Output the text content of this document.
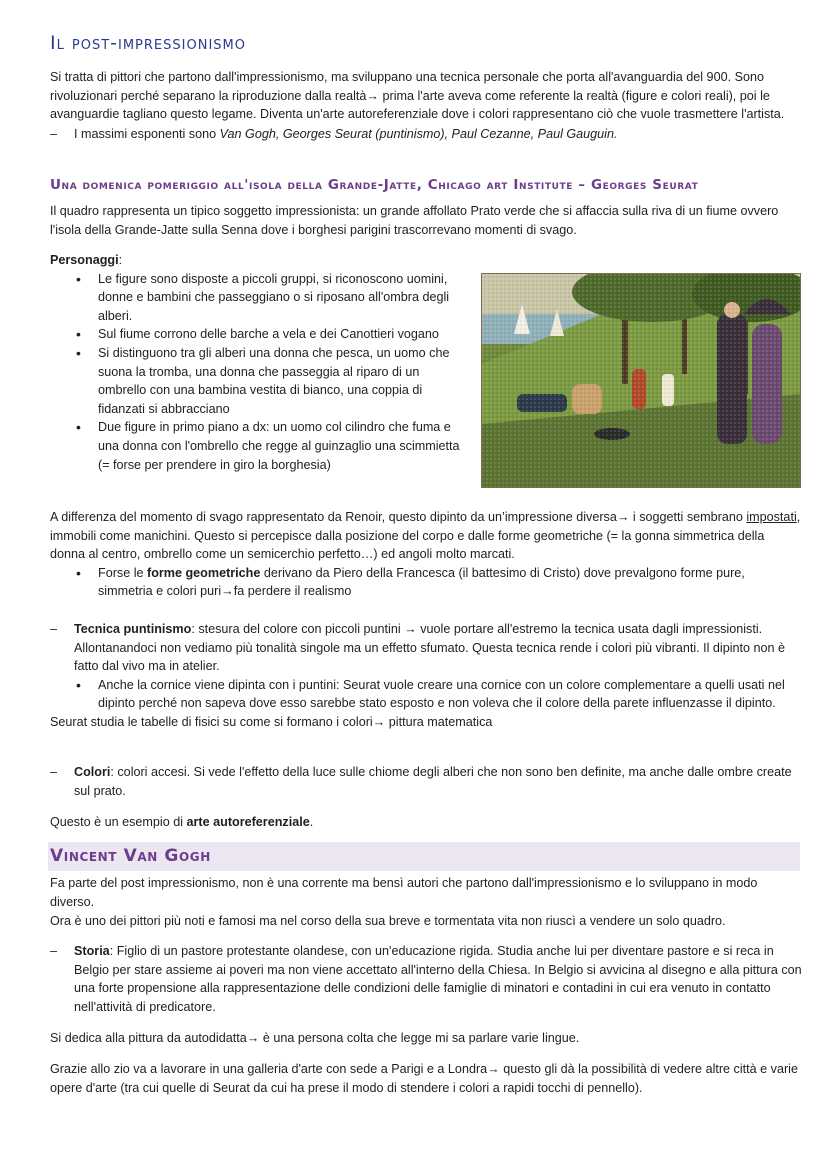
Il post-impressionismo

Si tratta di pittori che partono dall'impressionismo, ma sviluppano una tecnica personale che porta all'avanguardia del 900. Sono rivoluzionari perché separano la riproduzione dalla realtà→ prima l'arte aveva come referente la realtà (figure e colori reali), poi le avanguardie tagliano questo legame. Diventa un'arte autoreferenziale dove i colori rappresentano ciò che vuole trasmettere l'artista.

– I massimi esponenti sono Van Gogh, Georges Seurat (puntinismo), Paul Cezanne, Paul Gauguin.

Una domenica pomeriggio all'isola della Grande-Jatte, Chicago art Institute – Georges Seurat

Il quadro rappresenta un tipico soggetto impressionista: un grande affollato Prato verde che si affaccia sulla riva di un fiume ovvero l'isola della Grande-Jatte sulla Senna dove i borghesi parigini trascorrevano momenti di svago.

Personaggi:

• Le figure sono disposte a piccoli gruppi, si riconoscono uomini, donne e bambini che passeggiano o si riposano all'ombra degli alberi.

• Sul fiume corrono delle barche a vela e dei Canottieri vogano

• Si distinguono tra gli alberi una donna che pesca, un uomo che suona la tromba, una donna che passeggia al riparo di un ombrello con una bambina vestita di bianco, una coppia di fidanzati si abbracciano

• Due figure in primo piano a dx: un uomo col cilindro che fuma e una donna con l'ombrello che regge al guinzaglio una scimmietta (= forse per prendere in giro la borghesia)

A differenza del momento di svago rappresentato da Renoir, questo dipinto da un’impressione diversa→ i soggetti sembrano impostati, immobili come manichini. Questo si percepisce dalla posizione del corpo e dalle forme geometriche (= la gonna simmetrica della donna al centro, ombrello come un semicerchio perfetto…) ed angoli molto marcati.

• Forse le forme geometriche derivano da Piero della Francesca (il battesimo di Cristo) dove prevalgono forme pure, simmetria e colori puri→fa perdere il realismo

– Tecnica puntinismo: stesura del colore con piccoli puntini → vuole portare all'estremo la tecnica usata dagli impressionisti. Allontanandoci non vediamo più tonalità singole ma un effetto sfumato. Questa tecnica rende i colori più vibranti. Il dipinto non è fatto dal vivo ma in atelier.

• Anche la cornice viene dipinta con i puntini: Seurat vuole creare una cornice con un colore complementare a quelli usati nel dipinto perché non sapeva dove esso sarebbe stato esposto e non voleva che il colore della parete influenzasse il dipinto.

Seurat studia le tabelle di fisici su come si formano i colori→ pittura matematica

– Colori: colori accesi. Si vede l'effetto della luce sulle chiome degli alberi che non sono ben definite, ma anche dalle ombre create sul prato.

Questo è un esempio di arte autoreferenziale.

Vincent Van Gogh

Fa parte del post impressionismo, non è una corrente ma bensì autori che partono dall'impressionismo e lo sviluppano in modo diverso.

Ora è uno dei pittori più noti e famosi ma nel corso della sua breve e tormentata vita non riuscì a vendere un solo quadro.

– Storia: Figlio di un pastore protestante olandese, con un'educazione rigida. Studia anche lui per diventare pastore e si reca in Belgio per stare assieme ai poveri ma non viene accettato all'interno della Chiesa. In Belgio si avvicina al disegno e alla pittura con una forte propensione alla rappresentazione delle condizioni delle famiglie di minatori e contadini in cui era venuto in contatto nell'attività di predicatore.

Si dedica alla pittura da autodidatta→ è una persona colta che legge mi sa parlare varie lingue.

Grazie allo zio va a lavorare in una galleria d'arte con sede a Parigi e a Londra→ questo gli dà la possibilità di vedere altre città e varie opere d'arte (tra cui quelle di Seurat da cui ha prese il modo di stendere i colori a rapidi tocchi di pennello).
